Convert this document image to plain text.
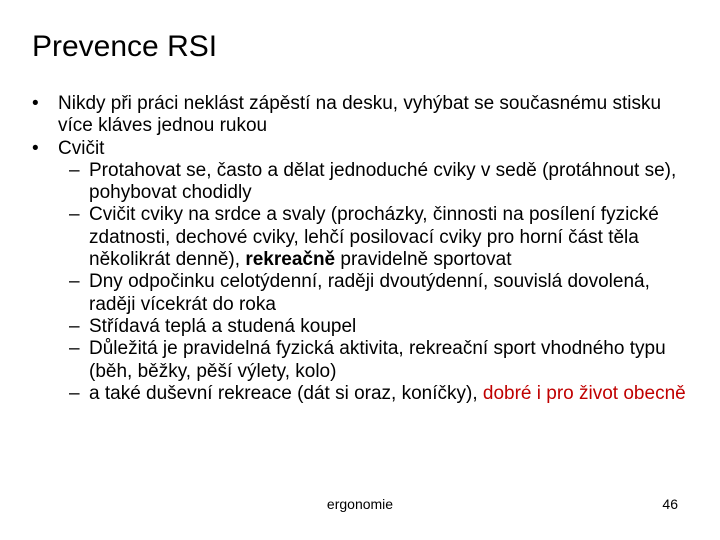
Prevence RSI
• Nikdy při práci neklást zápěstí na desku, vyhýbat se současnému stisku více kláves jednou rukou
• Cvičit
– Protahovat se, často a dělat jednoduché cviky v sedě (protáhnout se), pohybovat chodidly
– Cvičit cviky na srdce a svaly (procházky, činnosti na posílení fyzické zdatnosti, dechové cviky, lehčí posilovací cviky pro horní část těla několikrát denně), rekreačně pravidelně sportovat
– Dny odpočinku celotýdenní, raději dvoutýdenní, souvislá dovolená, raději vícekrát do roka
– Střídavá teplá a studená koupel
– Důležitá je pravidelná fyzická aktivita, rekreační sport vhodného typu (běh, běžky, pěší výlety, kolo)
– a také duševní rekreace (dát si oraz, koníčky), dobré i pro život obecně
ergonomie	46
